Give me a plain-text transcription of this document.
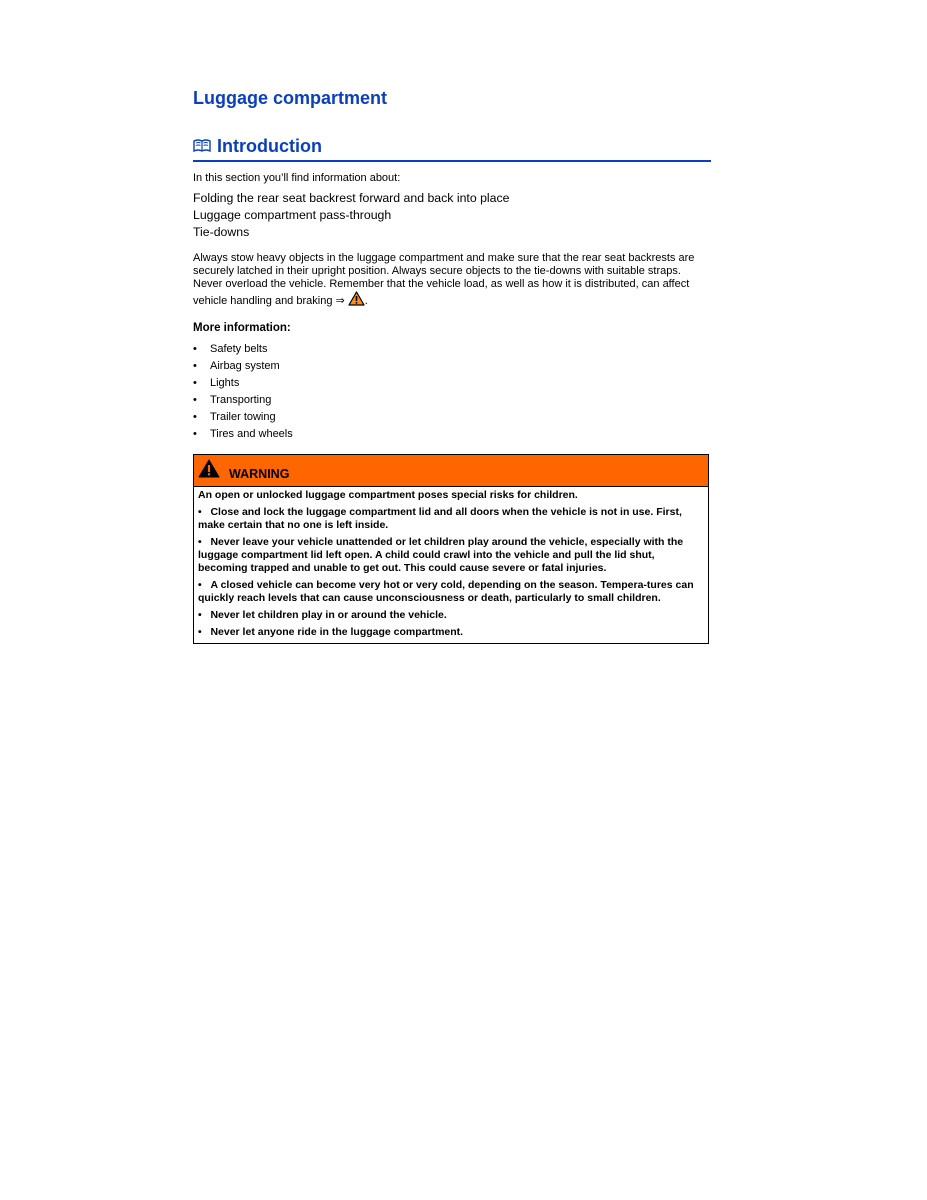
Luggage compartment
Introduction
In this section you’ll find information about:
Folding the rear seat backrest forward and back into place
Luggage compartment pass-through
Tie-downs
Always stow heavy objects in the luggage compartment and make sure that the rear seat backrests are securely latched in their upright position. Always secure objects to the tie-downs with suitable straps. Never overload the vehicle. Remember that the vehicle load, as well as how it is distributed, can affect vehicle handling and braking ⇒ .
More information:
•	Safety belts
•	Airbag system
•	Lights
•	Transporting
•	Trailer towing
•	Tires and wheels
WARNING
An open or unlocked luggage compartment poses special risks for children.
• Close and lock the luggage compartment lid and all doors when the vehicle is not in use. First, make certain that no one is left inside.
• Never leave your vehicle unattended or let children play around the vehicle, especially with the luggage compartment lid left open. A child could crawl into the vehicle and pull the lid shut, becoming trapped and unable to get out. This could cause severe or fatal injuries.
• A closed vehicle can become very hot or very cold, depending on the season. Tempera-tures can quickly reach levels that can cause unconsciousness or death, particularly to small children.
• Never let children play in or around the vehicle.
• Never let anyone ride in the luggage compartment.
